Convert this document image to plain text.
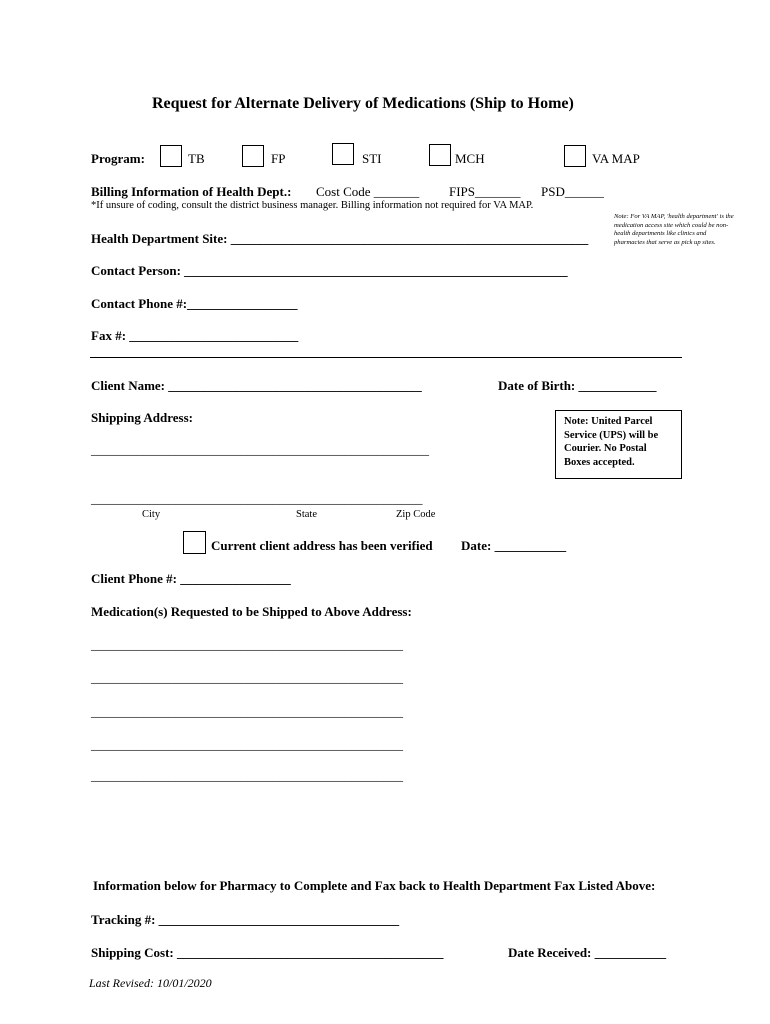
Request for Alternate Delivery of Medications (Ship to Home)
Program:	TB	FP	STI	MCH	VA MAP
Billing Information of Health Dept.: Cost Code _______ FIPS_______ PSD______
*If unsure of coding, consult the district business manager. Billing information not required for VA MAP.
Note: For VA MAP, 'health department' is the medication access site which could be non-health departments like clinics and pharmacies that serve as pick up sites.
Health Department Site: _______________________________________________________
Contact Person: ___________________________________________________________
Contact Phone #:_________________
Fax #: __________________________
Client Name: _______________________________________	Date of Birth: ____________
Shipping Address:
____________________________________________________
Note: United Parcel Service (UPS) will be Courier. No Postal Boxes accepted.
___________________________________________________
City	State	Zip Code
Current client address has been verified Date: ___________
Client Phone #: _________________
Medication(s) Requested to be Shipped to Above Address:
________________________________________________
________________________________________________
________________________________________________
________________________________________________
________________________________________________
Information below for Pharmacy to Complete and Fax back to Health Department Fax Listed Above:
Tracking #: _____________________________________
Shipping Cost: _________________________________________	Date Received: ___________
Last Revised: 10/01/2020
